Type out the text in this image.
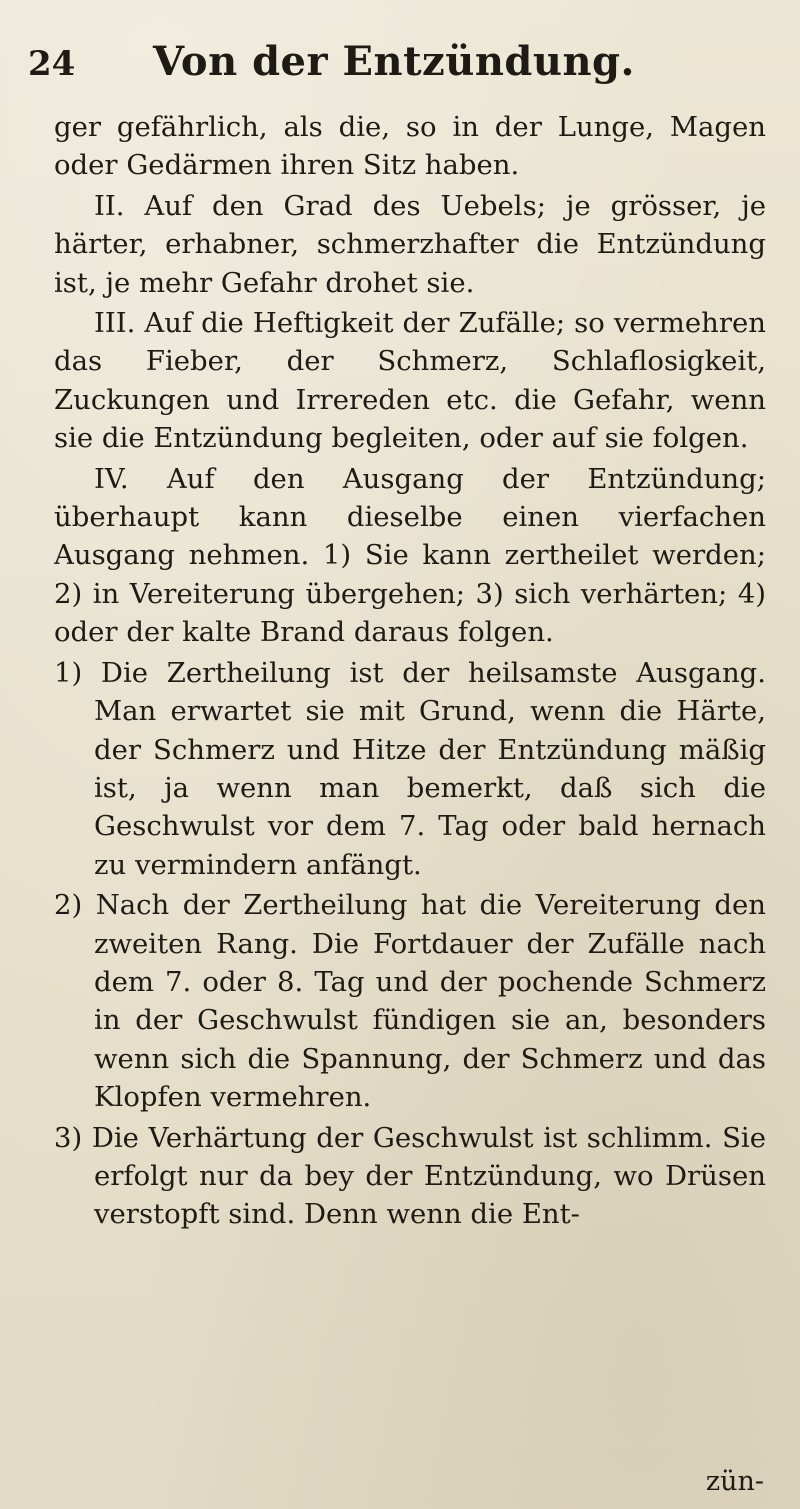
24	Von der Entzündung.

ger gefährlich, als die, so in der Lunge, Magen oder Gedärmen ihren Sitz haben.

II. Auf den Grad des Uebels; je grösser, je härter, erhabner, schmerzhafter die Entzündung ist, je mehr Gefahr drohet sie.

III. Auf die Heftigkeit der Zufälle; so vermehren das Fieber, der Schmerz, Schlaflosigkeit, Zuckungen und Irrereden etc. die Gefahr, wenn sie die Entzündung begleiten, oder auf sie folgen.

IV. Auf den Ausgang der Entzündung; überhaupt kann dieselbe einen vierfachen Ausgang nehmen. 1) Sie kann zertheilet werden; 2) in Vereiterung übergehen; 3) sich verhärten; 4) oder der kalte Brand daraus folgen.

1) Die Zertheilung ist der heilsamste Ausgang. Man erwartet sie mit Grund, wenn die Härte, der Schmerz und Hitze der Entzündung mäßig ist, ja wenn man bemerkt, daß sich die Geschwulst vor dem 7. Tag oder bald hernach zu vermindern anfängt.

2) Nach der Zertheilung hat die Vereiterung den zweiten Rang. Die Fortdauer der Zufälle nach dem 7. oder 8. Tag und der pochende Schmerz in der Geschwulst fündigen sie an, besonders wenn sich die Spannung, der Schmerz und das Klopfen vermehren.

3) Die Verhärtung der Geschwulst ist schlimm. Sie erfolgt nur da bey der Entzündung, wo Drüsen verstopft sind. Denn wenn die Ent-

zün-
